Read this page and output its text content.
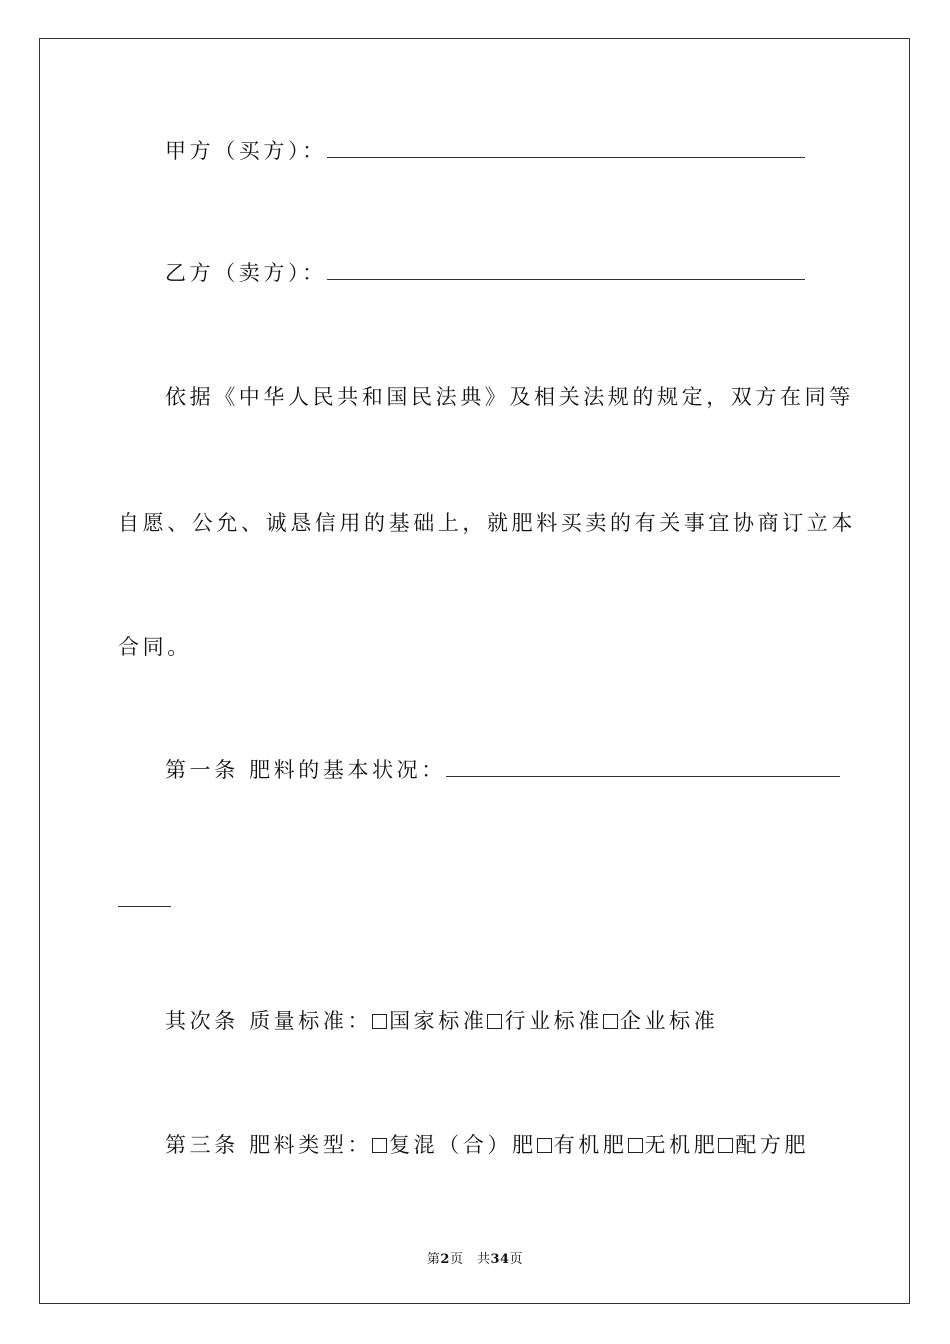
甲方（买方）：
乙方（卖方）：
依据《中华人民共和国民法典》及相关法规的规定，双方在同等
自愿、公允、诚恳信用的基础上，就肥料买卖的有关事宜协商订立本
合同。
第一条 肥料的基本状况：
其次条 质量标准： 国家标准 行业标准 企业标准
第三条 肥料类型： 复混（合）肥 有机肥 无机肥 配方肥
第2页　共34页
